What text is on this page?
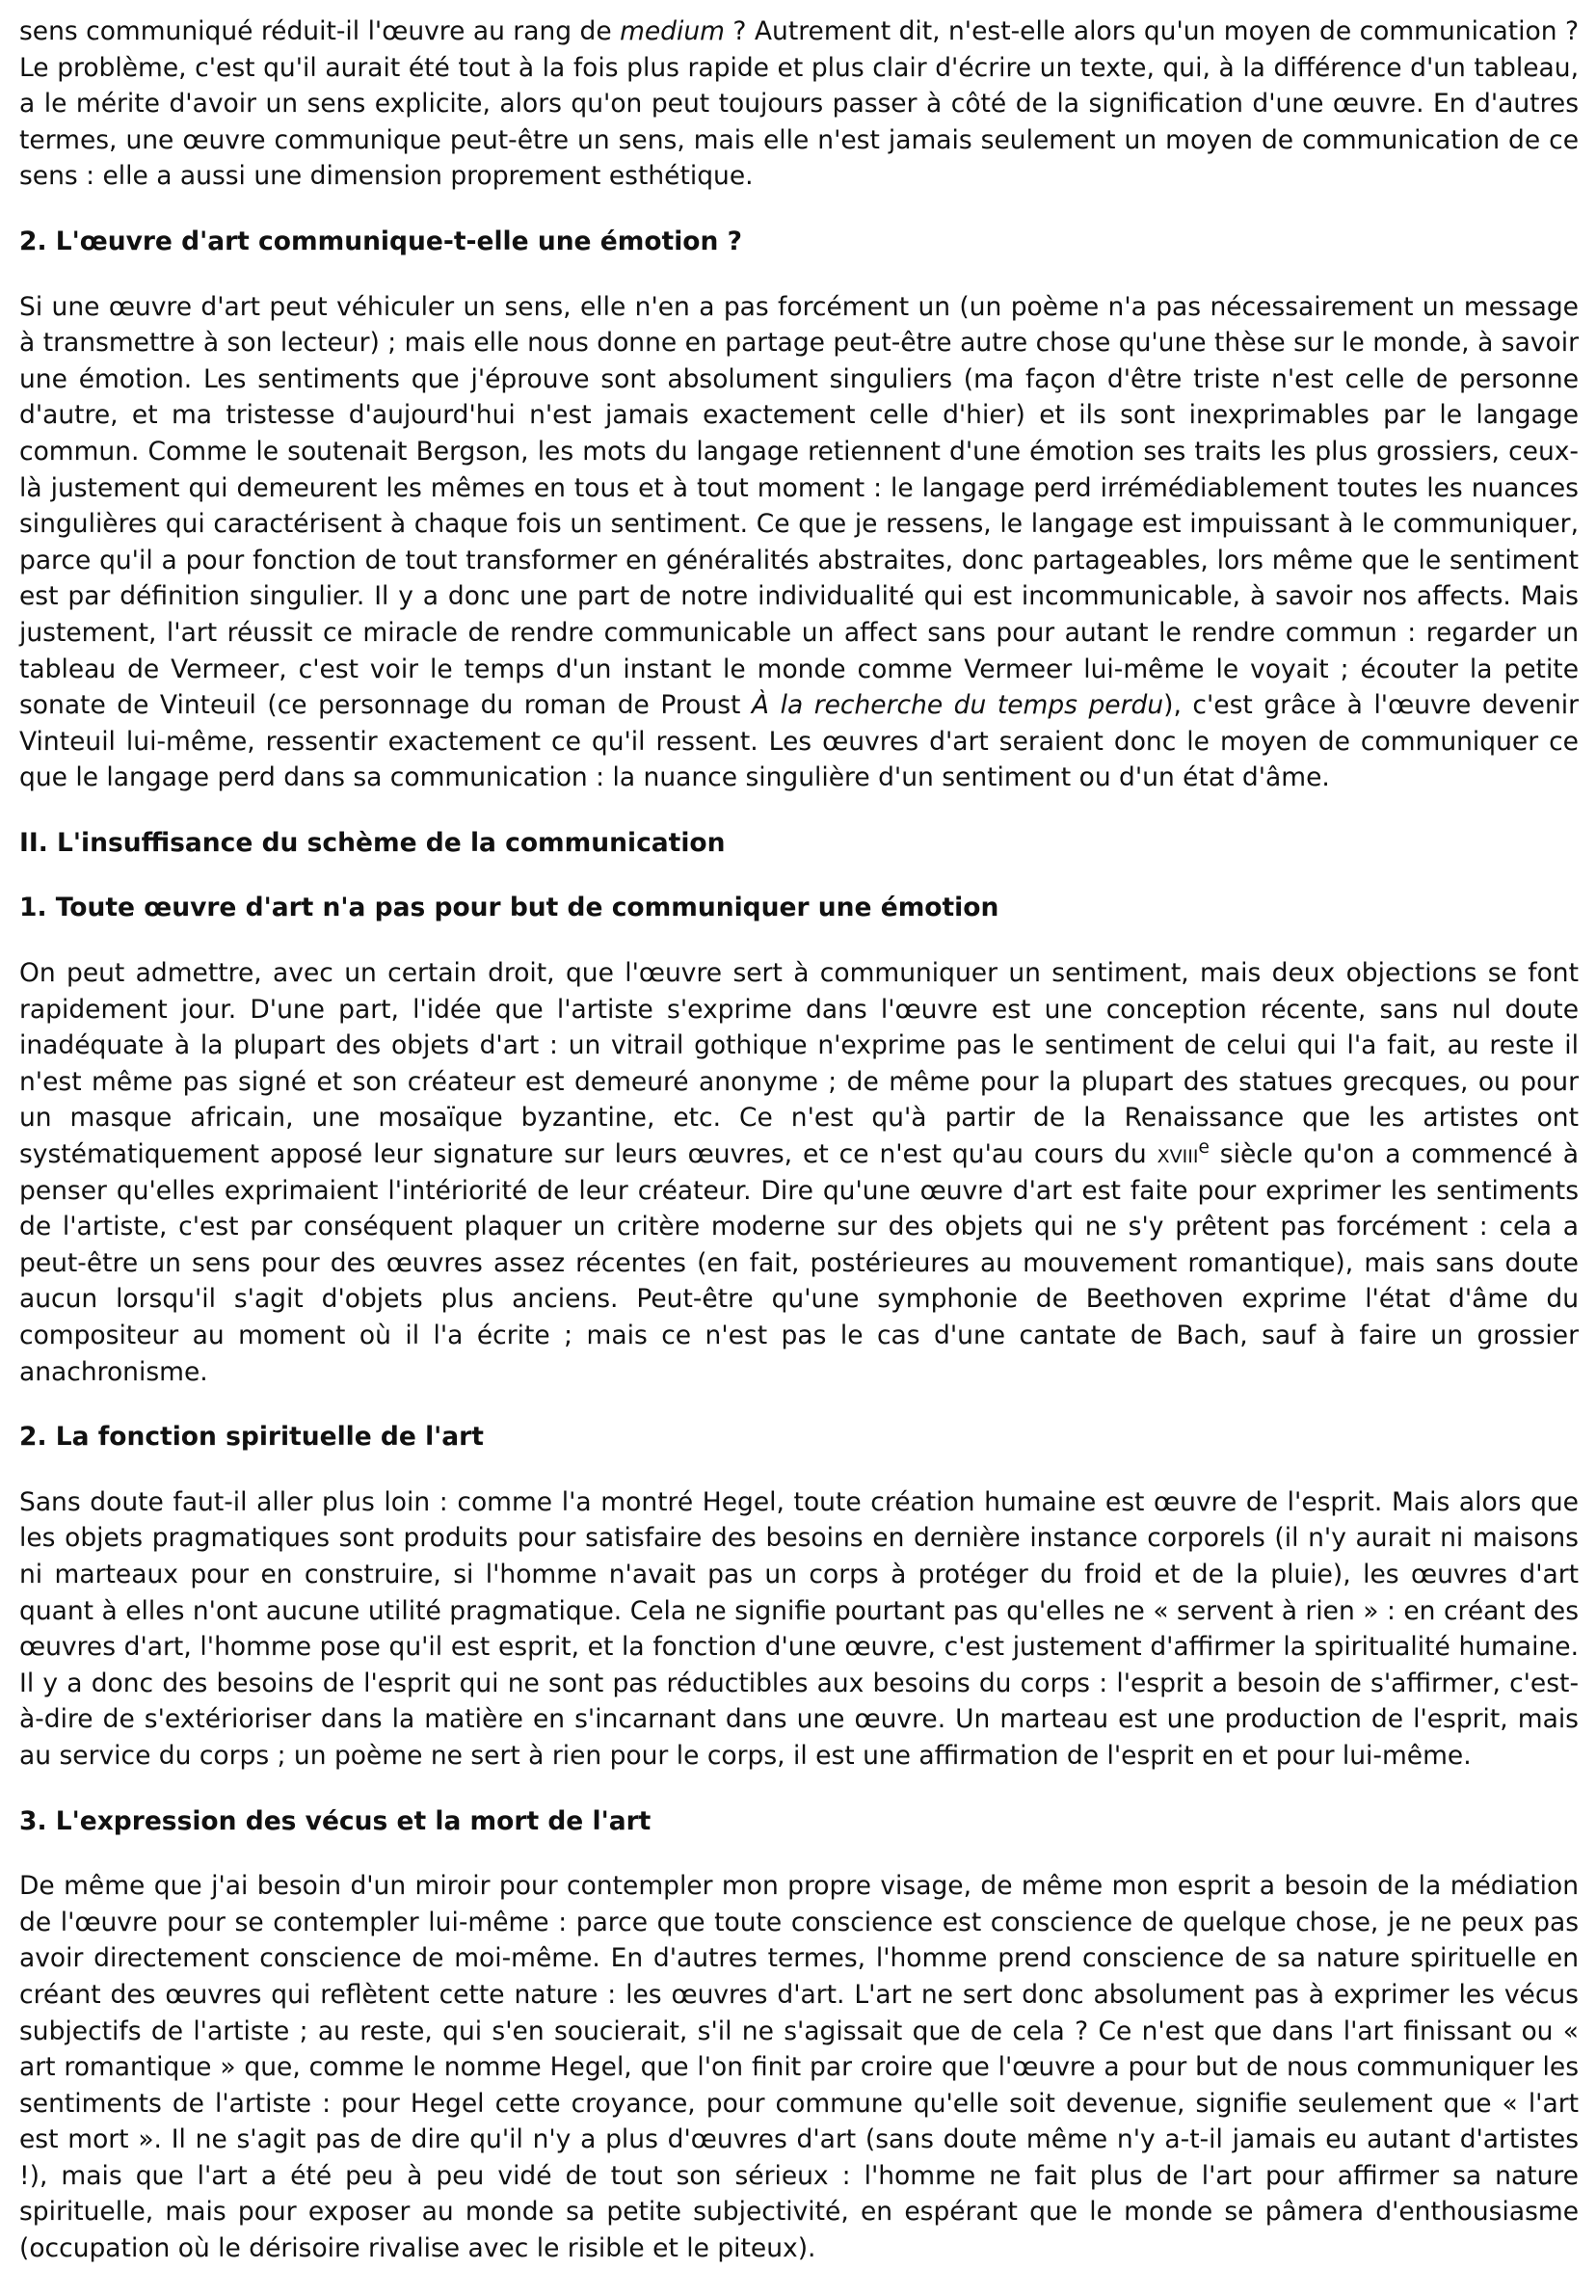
sens communiqué réduit-il l'œuvre au rang de medium ? Autrement dit, n'est-elle alors qu'un moyen de communication ? Le problème, c'est qu'il aurait été tout à la fois plus rapide et plus clair d'écrire un texte, qui, à la différence d'un tableau, a le mérite d'avoir un sens explicite, alors qu'on peut toujours passer à côté de la signification d'une œuvre. En d'autres termes, une œuvre communique peut-être un sens, mais elle n'est jamais seulement un moyen de communication de ce sens : elle a aussi une dimension proprement esthétique.

2. L'œuvre d'art communique-t-elle une émotion ?

Si une œuvre d'art peut véhiculer un sens, elle n'en a pas forcément un (un poème n'a pas nécessairement un message à transmettre à son lecteur) ; mais elle nous donne en partage peut-être autre chose qu'une thèse sur le monde, à savoir une émotion. Les sentiments que j'éprouve sont absolument singuliers (ma façon d'être triste n'est celle de personne d'autre, et ma tristesse d'aujourd'hui n'est jamais exactement celle d'hier) et ils sont inexprimables par le langage commun. Comme le soutenait Bergson, les mots du langage retiennent d'une émotion ses traits les plus grossiers, ceux-là justement qui demeurent les mêmes en tous et à tout moment : le langage perd irrémédiablement toutes les nuances singulières qui caractérisent à chaque fois un sentiment. Ce que je ressens, le langage est impuissant à le communiquer, parce qu'il a pour fonction de tout transformer en généralités abstraites, donc partageables, lors même que le sentiment est par définition singulier. Il y a donc une part de notre individualité qui est incommunicable, à savoir nos affects. Mais justement, l'art réussit ce miracle de rendre communicable un affect sans pour autant le rendre commun : regarder un tableau de Vermeer, c'est voir le temps d'un instant le monde comme Vermeer lui-même le voyait ; écouter la petite sonate de Vinteuil (ce personnage du roman de Proust À la recherche du temps perdu), c'est grâce à l'œuvre devenir Vinteuil lui-même, ressentir exactement ce qu'il ressent. Les œuvres d'art seraient donc le moyen de communiquer ce que le langage perd dans sa communication : la nuance singulière d'un sentiment ou d'un état d'âme.

II. L'insuffisance du schème de la communication
1. Toute œuvre d'art n'a pas pour but de communiquer une émotion

On peut admettre, avec un certain droit, que l'œuvre sert à communiquer un sentiment, mais deux objections se font rapidement jour. D'une part, l'idée que l'artiste s'exprime dans l'œuvre est une conception récente, sans nul doute inadéquate à la plupart des objets d'art : un vitrail gothique n'exprime pas le sentiment de celui qui l'a fait, au reste il n'est même pas signé et son créateur est demeuré anonyme ; de même pour la plupart des statues grecques, ou pour un masque africain, une mosaïque byzantine, etc. Ce n'est qu'à partir de la Renaissance que les artistes ont systématiquement apposé leur signature sur leurs œuvres, et ce n'est qu'au cours du xviii$^e$ siècle qu'on a commencé à penser qu'elles exprimaient l'intériorité de leur créateur. Dire qu'une œuvre d'art est faite pour exprimer les sentiments de l'artiste, c'est par conséquent plaquer un critère moderne sur des objets qui ne s'y prêtent pas forcément : cela a peut-être un sens pour des œuvres assez récentes (en fait, postérieures au mouvement romantique), mais sans doute aucun lorsqu'il s'agit d'objets plus anciens. Peut-être qu'une symphonie de Beethoven exprime l'état d'âme du compositeur au moment où il l'a écrite ; mais ce n'est pas le cas d'une cantate de Bach, sauf à faire un grossier anachronisme.

2. La fonction spirituelle de l'art

Sans doute faut-il aller plus loin : comme l'a montré Hegel, toute création humaine est œuvre de l'esprit. Mais alors que les objets pragmatiques sont produits pour satisfaire des besoins en dernière instance corporels (il n'y aurait ni maisons ni marteaux pour en construire, si l'homme n'avait pas un corps à protéger du froid et de la pluie), les œuvres d'art quant à elles n'ont aucune utilité pragmatique. Cela ne signifie pourtant pas qu'elles ne « servent à rien » : en créant des œuvres d'art, l'homme pose qu'il est esprit, et la fonction d'une œuvre, c'est justement d'affirmer la spiritualité humaine. Il y a donc des besoins de l'esprit qui ne sont pas réductibles aux besoins du corps : l'esprit a besoin de s'affirmer, c'est-à-dire de s'extérioriser dans la matière en s'incarnant dans une œuvre. Un marteau est une production de l'esprit, mais au service du corps ; un poème ne sert à rien pour le corps, il est une affirmation de l'esprit en et pour lui-même.

3. L'expression des vécus et la mort de l'art

De même que j'ai besoin d'un miroir pour contempler mon propre visage, de même mon esprit a besoin de la médiation de l'œuvre pour se contempler lui-même : parce que toute conscience est conscience de quelque chose, je ne peux pas avoir directement conscience de moi-même. En d'autres termes, l'homme prend conscience de sa nature spirituelle en créant des œuvres qui reflètent cette nature : les œuvres d'art. L'art ne sert donc absolument pas à exprimer les vécus subjectifs de l'artiste ; au reste, qui s'en soucierait, s'il ne s'agissait que de cela ? Ce n'est que dans l'art finissant ou « art romantique » que, comme le nomme Hegel, que l'on finit par croire que l'œuvre a pour but de nous communiquer les sentiments de l'artiste : pour Hegel cette croyance, pour commune qu'elle soit devenue, signifie seulement que « l'art est mort ». Il ne s'agit pas de dire qu'il n'y a plus d'œuvres d'art (sans doute même n'y a-t-il jamais eu autant d'artistes !), mais que l'art a été peu à peu vidé de tout son sérieux : l'homme ne fait plus de l'art pour affirmer sa nature spirituelle, mais pour exposer au monde sa petite subjectivité, en espérant que le monde se pâmera d'enthousiasme (occupation où le dérisoire rivalise avec le risible et le piteux).
